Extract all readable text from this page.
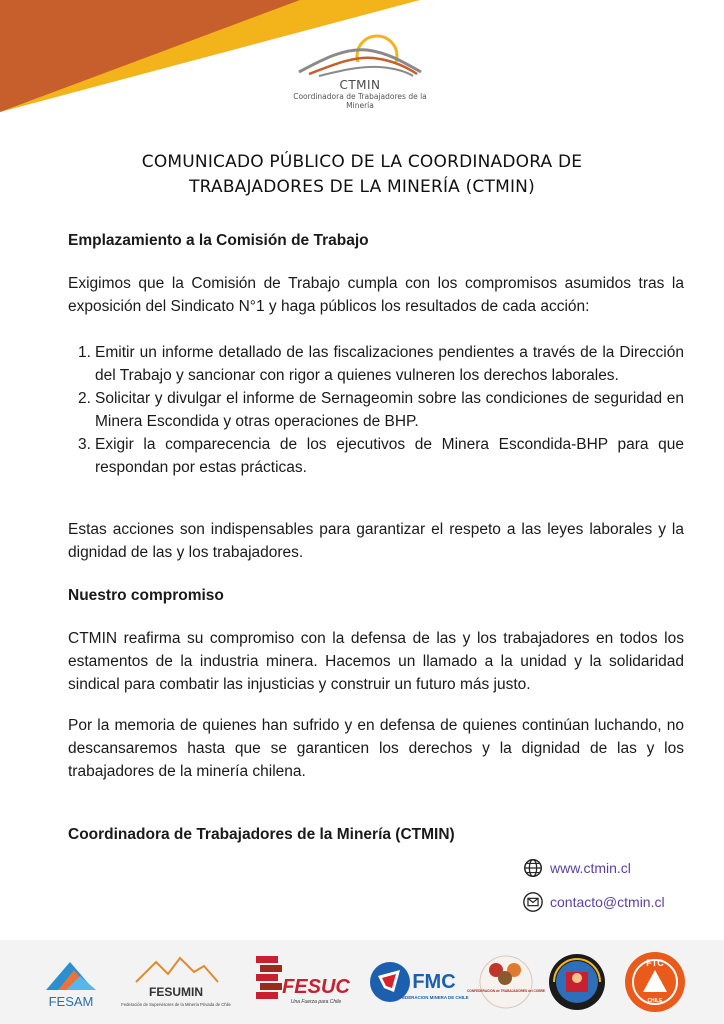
CTMIN
Coordinadora de Trabajadores de la Minería
COMUNICADO PÚBLICO DE LA COORDINADORA DE
TRABAJADORES DE LA MINERÍA (CTMIN)
Emplazamiento a la Comisión de Trabajo
Exigimos que la Comisión de Trabajo cumpla con los compromisos asumidos tras la exposición del Sindicato N°1 y haga públicos los resultados de cada acción:
1. Emitir un informe detallado de las fiscalizaciones pendientes a través de la Dirección del Trabajo y sancionar con rigor a quienes vulneren los derechos laborales.
2. Solicitar y divulgar el informe de Sernageomin sobre las condiciones de seguridad en Minera Escondida y otras operaciones de BHP.
3. Exigir la comparecencia de los ejecutivos de Minera Escondida-BHP para que respondan por estas prácticas.
Estas acciones son indispensables para garantizar el respeto a las leyes laborales y la dignidad de las y los trabajadores.
Nuestro compromiso
CTMIN reafirma su compromiso con la defensa de las y los trabajadores en todos los estamentos de la industria minera. Hacemos un llamado a la unidad y la solidaridad sindical para combatir las injusticias y construir un futuro más justo.
Por la memoria de quienes han sufrido y en defensa de quienes continúan luchando, no descansaremos hasta que se garanticen los derechos y la dignidad de las y los trabajadores de la minería chilena.
Coordinadora de Trabajadores de la Minería (CTMIN)
www.ctmin.cl
contacto@ctmin.cl
FESAM
FESUMIN
Federación de Supervisores de la Minería Privada de Chile
FESUC
Una Fuerza para Chile
FMC
FEDERACION MINERA DE CHILE
CONFEDERACION de TRABAJADORES del COBRE
FTC
CHILE
